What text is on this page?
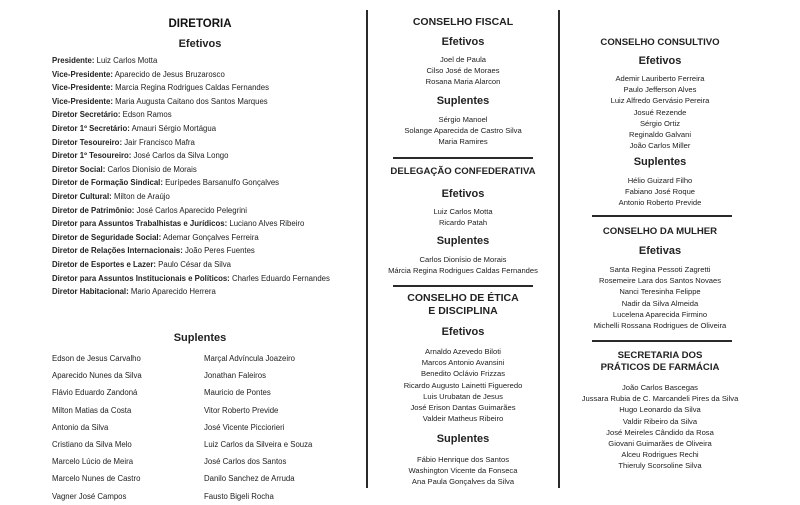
DIRETORIA
Efetivos
Presidente: Luiz Carlos Motta
Vice-Presidente: Aparecido de Jesus Bruzarosco
Vice-Presidente: Marcia Regina Rodrigues Caldas Fernandes
Vice-Presidente: Maria Augusta Caitano dos Santos Marques
Diretor Secretário: Edson Ramos
Diretor 1º Secretário: Amauri Sérgio Mortágua
Diretor Tesoureiro: Jair Francisco Mafra
Diretor 1º Tesoureiro: José Carlos da Silva Longo
Diretor Social: Carlos Dionísio de Morais
Diretor de Formação Sindical: Eurípedes Barsanulfo Gonçalves
Diretor Cultural: Milton de Araújo
Diretor de Patrimônio: José Carlos Aparecido Pelegrini
Diretor para Assuntos Trabalhistas e Jurídicos: Luciano Alves Ribeiro
Diretor de Seguridade Social: Ademar Gonçalves Ferreira
Diretor de Relações Internacionais: João Peres Fuentes
Diretor de Esportes e Lazer: Paulo César da Silva
Diretor para Assuntos Institucionais e Políticos: Charles Eduardo Fernandes
Diretor Habitacional: Mario Aparecido Herrera
Suplentes
Edson de Jesus Carvalho
Aparecido Nunes da Silva
Flávio Eduardo Zandoná
Milton Matias da Costa
Antonio da Silva
Cristiano da Silva Melo
Marcelo Lúcio de Meira
Marcelo Nunes de Castro
Vagner José Campos
Marçal Advíncula Joazeiro
Jonathan Faleiros
Mauricio de Pontes
Vitor Roberto Previde
José Vicente Picciorieri
Luiz Carlos da Silveira e Souza
José Carlos dos Santos
Danilo Sanchez de Arruda
Fausto Bigeli Rocha
CONSELHO FISCAL
Efetivos
Joel de Paula
Cilso José de Moraes
Rosana Maria Alarcon
Suplentes
Sérgio Manoel
Solange Aparecida de Castro Silva
Maria Ramires
DELEGAÇÃO CONFEDERATIVA
Efetivos
Luiz Carlos Motta
Ricardo Patah
Suplentes
Carlos Dionísio de Morais
Márcia Regina Rodrigues Caldas Fernandes
CONSELHO DE ÉTICA
E DISCIPLINA
Efetivos
Arnaldo Azevedo Biloti
Marcos Antonio Avansini
Benedito Oclávio Frizzas
Ricardo Augusto Lainetti Figueredo
Luis Urubatan de Jesus
José Erison Dantas Guimarães
Valdeir Matheus Ribeiro
Suplentes
Fábio Henrique dos Santos
Washington Vicente da Fonseca
Ana Paula Gonçalves da Silva
CONSELHO CONSULTIVO
Efetivos
Ademir Lauriberto Ferreira
Paulo Jefferson Alves
Luiz Alfredo Gervásio Pereira
Josué Rezende
Sérgio Ortiz
Reginaldo Galvani
João Carlos Miller
Suplentes
Hélio Guizard Filho
Fabiano José Roque
Antonio Roberto Previde
CONSELHO DA MULHER
Efetivas
Santa Regina Pessoti Zagretti
Rosemeire Lara dos Santos Novaes
Nanci Teresinha Felippe
Nadir da Silva Almeida
Lucelena Aparecida Firmino
Michelli Rossana Rodrigues de Oliveira
SECRETARIA DOS
PRÁTICOS DE FARMÁCIA
João Carlos Bascegas
Jussara Rubia de C. Marcandeli Pires da Silva
Hugo Leonardo da Silva
Valdir Ribeiro da Silva
José Meireles Cândido da Rosa
Giovani Guimarães de Oliveira
Alceu Rodrigues Rechi
Thieruly Scorsoline Silva
